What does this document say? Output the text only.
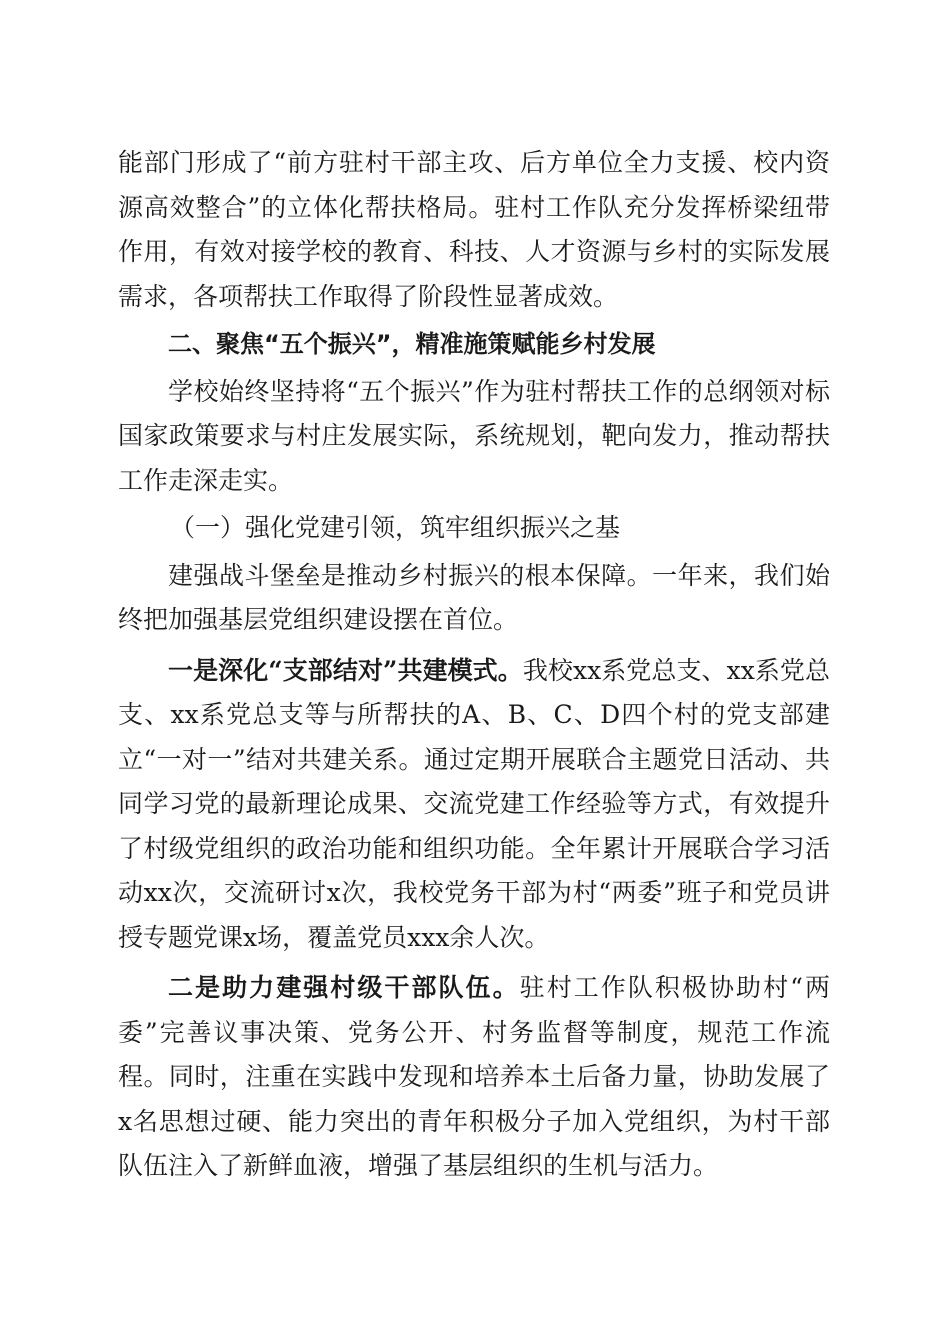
能部门形成了“前方驻村干部主攻、后方单位全力支援、校内资源高效整合”的立体化帮扶格局。驻村工作队充分发挥桥梁纽带作用，有效对接学校的教育、科技、人才资源与乡村的实际发展需求，各项帮扶工作取得了阶段性显著成效。

二、聚焦“五个振兴”，精准施策赋能乡村发展

学校始终坚持将“五个振兴”作为驻村帮扶工作的总纲领对标国家政策要求与村庄发展实际，系统规划，靶向发力，推动帮扶工作走深走实。

（一）强化党建引领，筑牢组织振兴之基

建强战斗堡垒是推动乡村振兴的根本保障。一年来，我们始终把加强基层党组织建设摆在首位。

一是深化“支部结对”共建模式。我校xx系党总支、xx系党总支、xx系党总支等与所帮扶的A、B、C、D四个村的党支部建立“一对一”结对共建关系。通过定期开展联合主题党日活动、共同学习党的最新理论成果、交流党建工作经验等方式，有效提升了村级党组织的政治功能和组织功能。全年累计开展联合学习活动xx次，交流研讨x次，我校党务干部为村“两委”班子和党员讲授专题党课x场，覆盖党员xxx余人次。

二是助力建强村级干部队伍。驻村工作队积极协助村“两委”完善议事决策、党务公开、村务监督等制度，规范工作流程。同时，注重在实践中发现和培养本土后备力量，协助发展了x名思想过硬、能力突出的青年积极分子加入党组织，为村干部队伍注入了新鲜血液，增强了基层组织的生机与活力。
